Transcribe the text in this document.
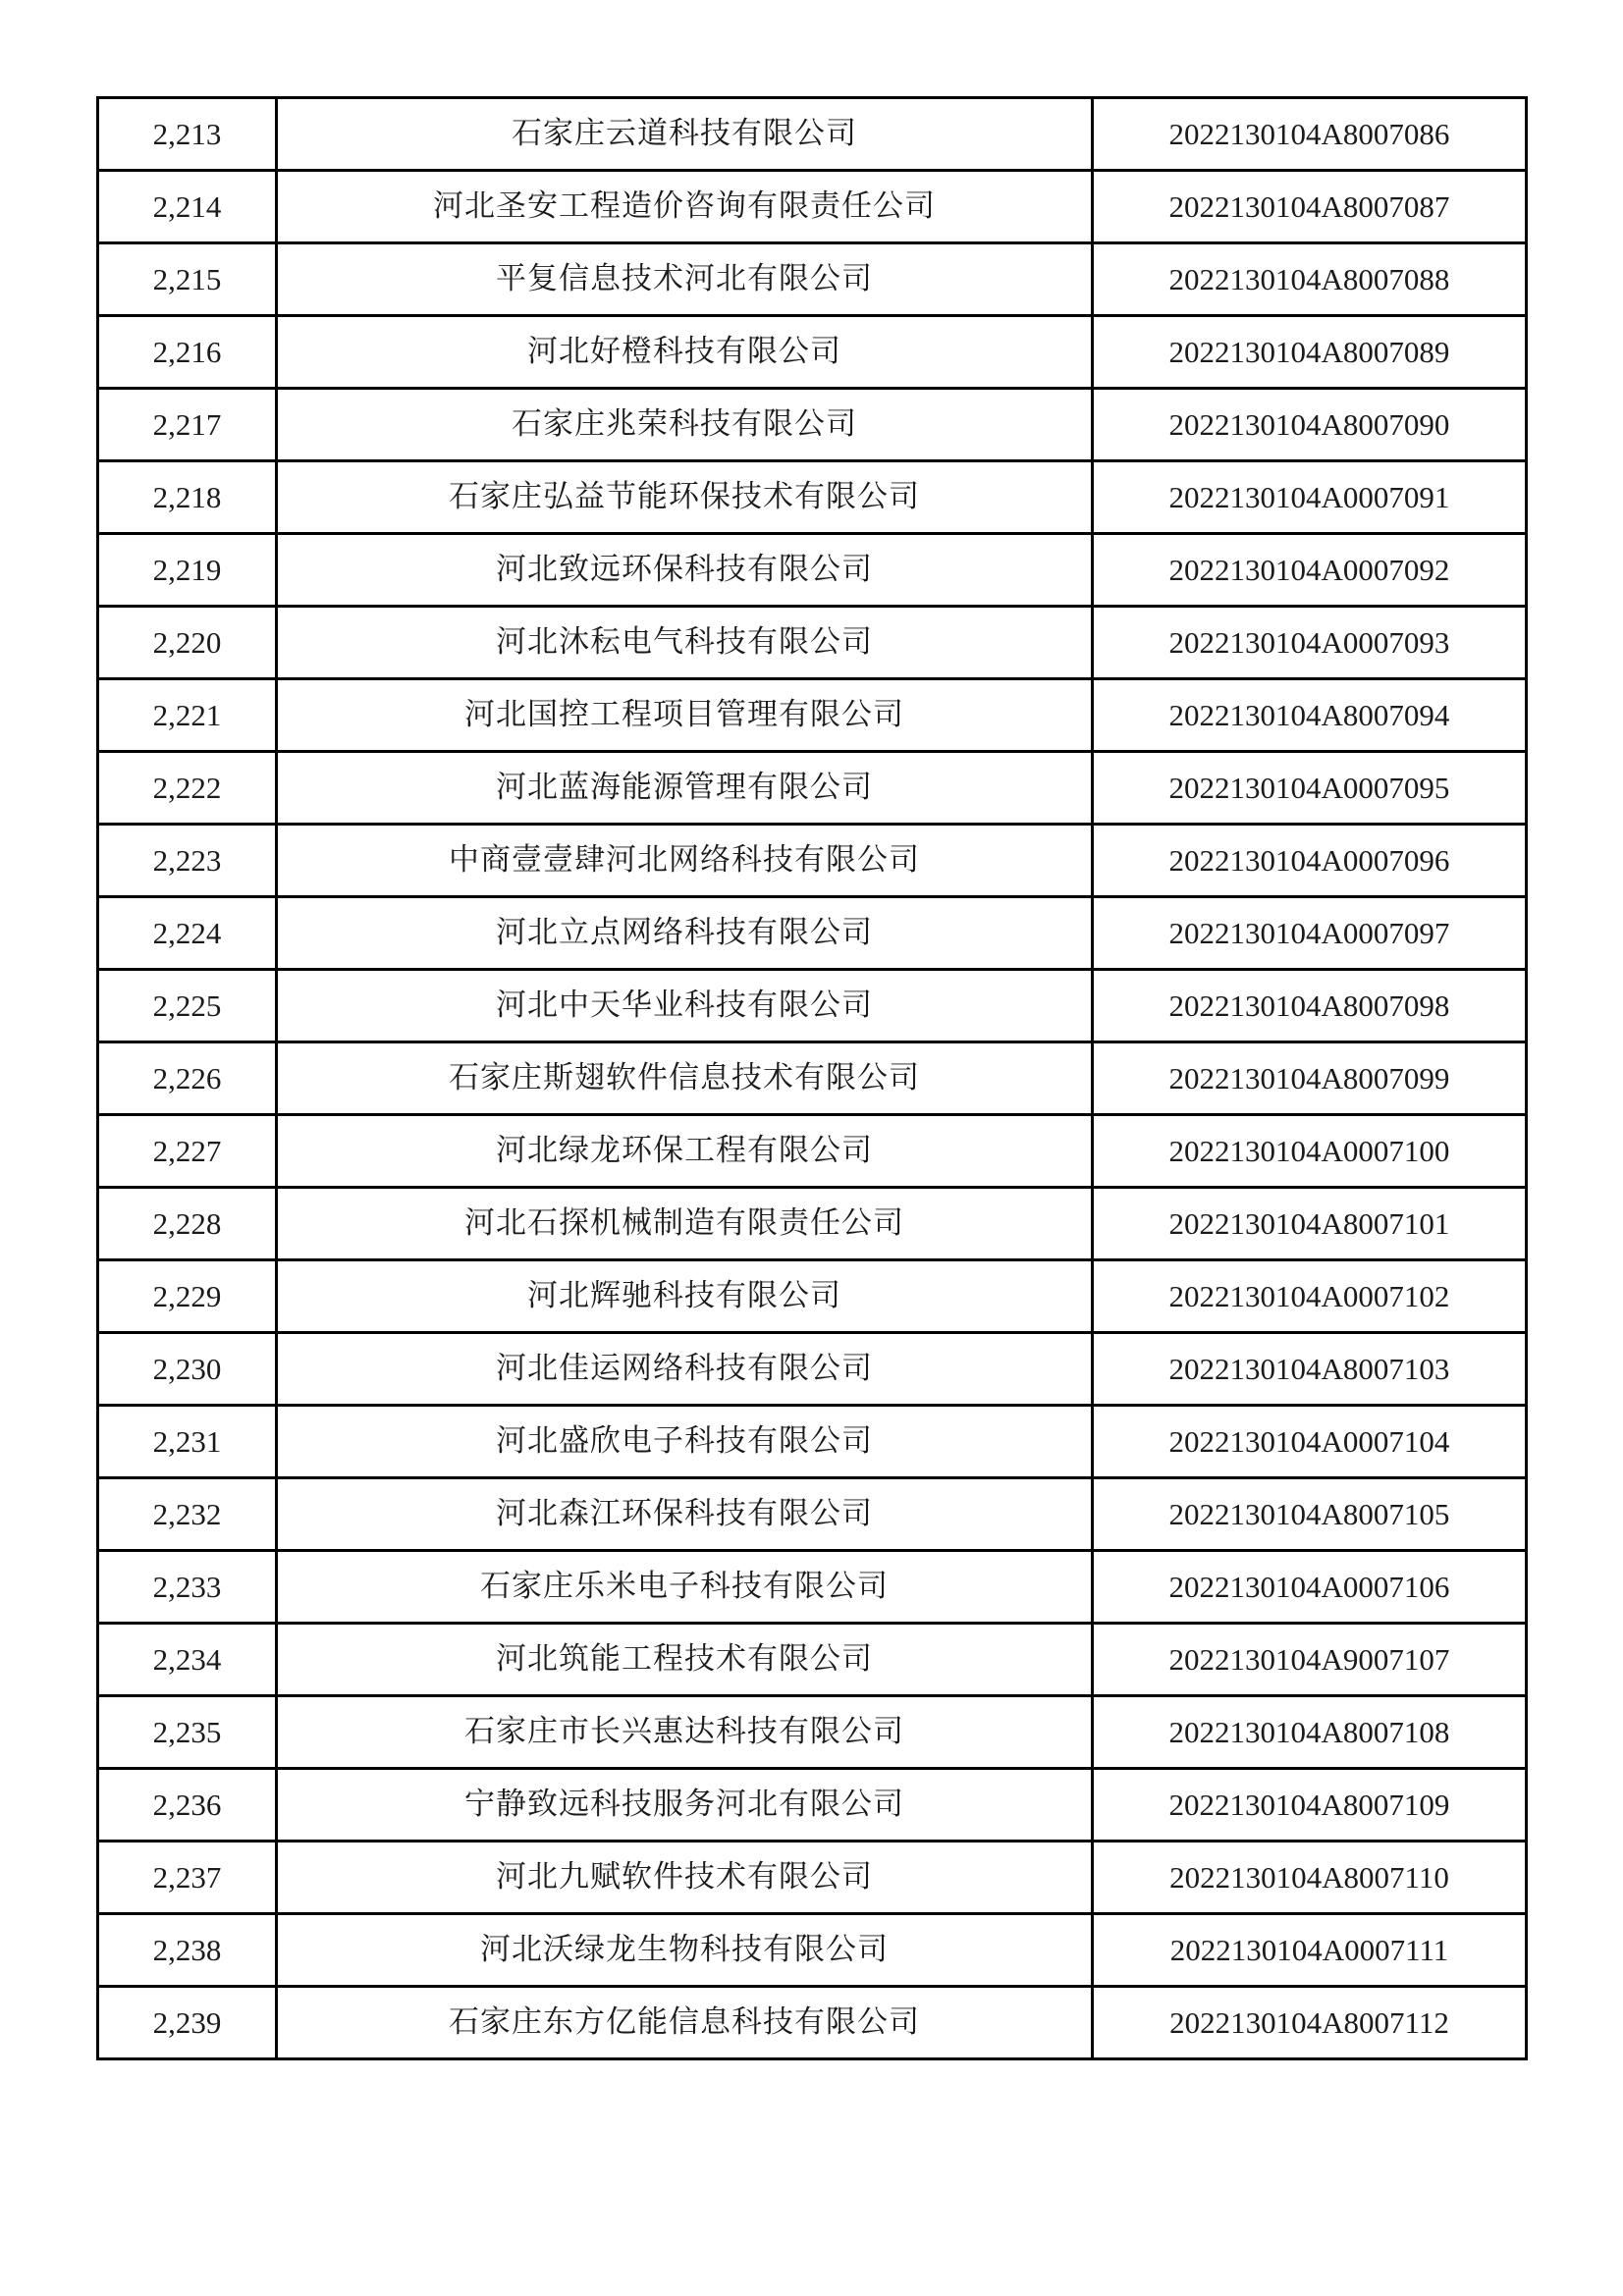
2,213	石家庄云道科技有限公司	2022130104A8007086
2,214	河北圣安工程造价咨询有限责任公司	2022130104A8007087
2,215	平复信息技术河北有限公司	2022130104A8007088
2,216	河北好橙科技有限公司	2022130104A8007089
2,217	石家庄兆荣科技有限公司	2022130104A8007090
2,218	石家庄弘益节能环保技术有限公司	2022130104A0007091
2,219	河北致远环保科技有限公司	2022130104A0007092
2,220	河北沐秐电气科技有限公司	2022130104A0007093
2,221	河北国控工程项目管理有限公司	2022130104A8007094
2,222	河北蓝海能源管理有限公司	2022130104A0007095
2,223	中商壹壹肆河北网络科技有限公司	2022130104A0007096
2,224	河北立点网络科技有限公司	2022130104A0007097
2,225	河北中天华业科技有限公司	2022130104A8007098
2,226	石家庄斯翅软件信息技术有限公司	2022130104A8007099
2,227	河北绿龙环保工程有限公司	2022130104A0007100
2,228	河北石探机械制造有限责任公司	2022130104A8007101
2,229	河北辉驰科技有限公司	2022130104A0007102
2,230	河北佳运网络科技有限公司	2022130104A8007103
2,231	河北盛欣电子科技有限公司	2022130104A0007104
2,232	河北森江环保科技有限公司	2022130104A8007105
2,233	石家庄乐米电子科技有限公司	2022130104A0007106
2,234	河北筑能工程技术有限公司	2022130104A9007107
2,235	石家庄市长兴惠达科技有限公司	2022130104A8007108
2,236	宁静致远科技服务河北有限公司	2022130104A8007109
2,237	河北九赋软件技术有限公司	2022130104A8007110
2,238	河北沃绿龙生物科技有限公司	2022130104A0007111
2,239	石家庄东方亿能信息科技有限公司	2022130104A8007112
